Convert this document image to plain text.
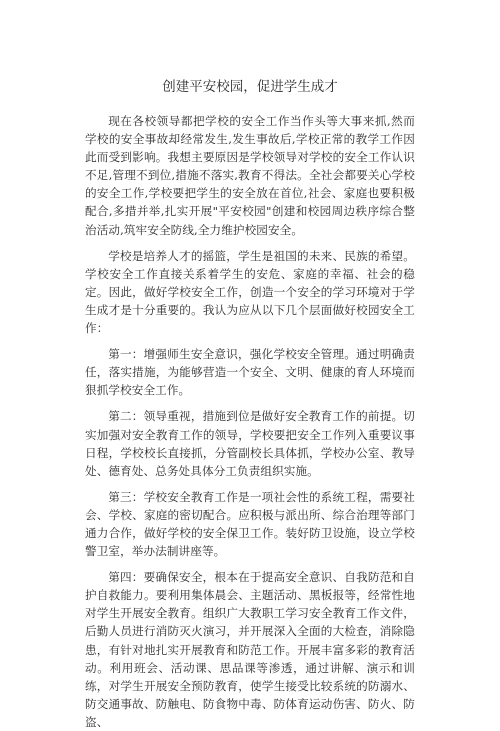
创建平安校园，促进学生成才

现在各校领导都把学校的安全工作当作头等大事来抓,然而学校的安全事故却经常发生,发生事故后,学校正常的教学工作因此而受到影响。我想主要原因是学校领导对学校的安全工作认识不足,管理不到位,措施不落实,教育不得法。全社会都要关心学校的安全工作,学校要把学生的安全放在首位,社会、家庭也要积极配合,多措并举,扎实开展"平安校园"创建和校园周边秩序综合整治活动,筑牢安全防线,全力维护校园安全。

学校是培养人才的摇篮，学生是祖国的未来、民族的希望。学校安全工作直接关系着学生的安危、家庭的幸福、社会的稳定。因此，做好学校安全工作，创造一个安全的学习环境对于学生成才是十分重要的。我认为应从以下几个层面做好校园安全工作：

第一：增强师生安全意识，强化学校安全管理。通过明确责任，落实措施，为能够营造一个安全、文明、健康的育人环境而狠抓学校安全工作。

第二：领导重视，措施到位是做好安全教育工作的前提。切实加强对安全教育工作的领导，学校要把安全工作列入重要议事日程，学校校长直接抓，分管副校长具体抓，学校办公室、教导处、德育处、总务处具体分工负责组织实施。

第三：学校安全教育工作是一项社会性的系统工程，需要社会、学校、家庭的密切配合。应积极与派出所、综合治理等部门通力合作，做好学校的安全保卫工作。装好防卫设施，设立学校警卫室，举办法制讲座等。

第四：要确保安全，根本在于提高安全意识、自我防范和自护自救能力。要利用集体晨会、主题活动、黑板报等，经常性地对学生开展安全教育。组织广大教职工学习安全教育工作文件，后勤人员进行消防灭火演习，并开展深入全面的大检查，消除隐患，有针对地扎实开展教育和防范工作。开展丰富多彩的教育活动。利用班会、活动课、思品课等渗透，通过讲解、演示和训练，对学生开展安全预防教育，使学生接受比较系统的防溺水、防交通事故、防触电、防食物中毒、防体育运动伤害、防火、防盗、
